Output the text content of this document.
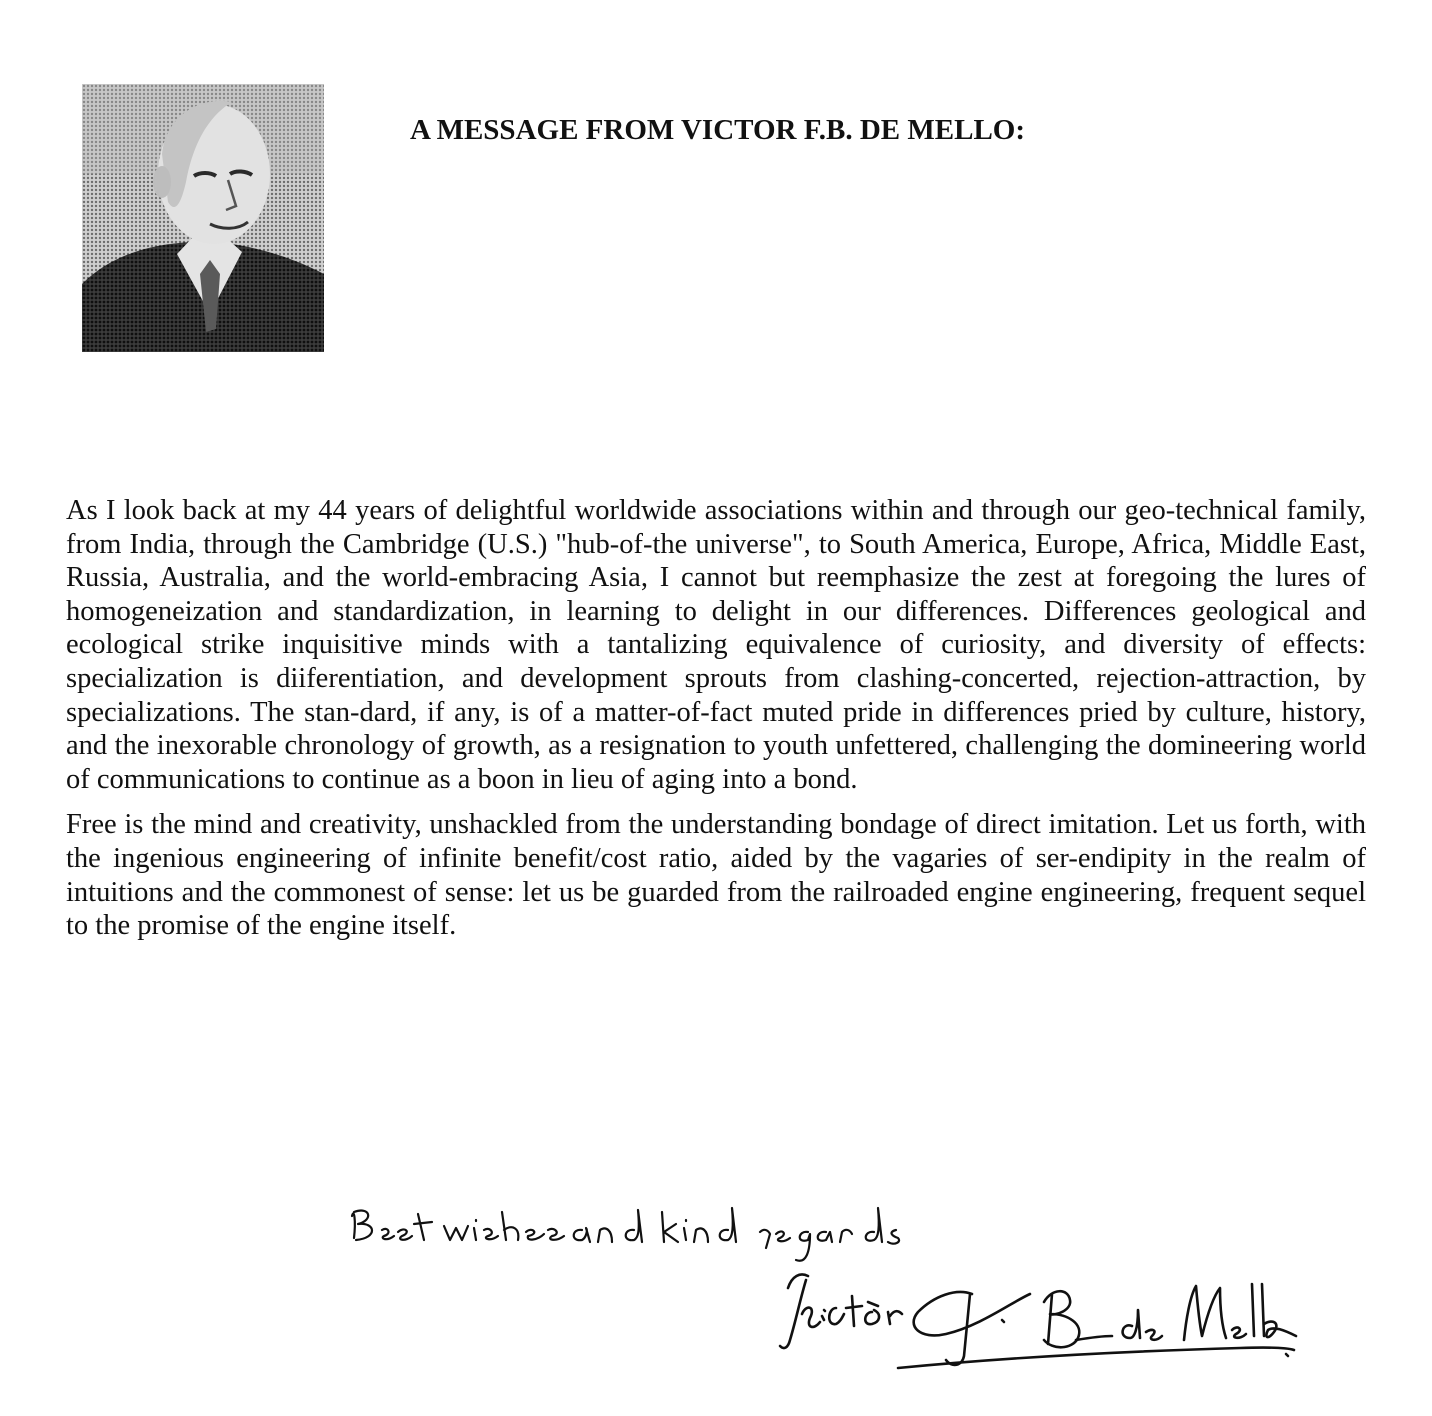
A MESSAGE FROM VICTOR F.B. DE MELLO:

As I look back at my 44 years of delightful worldwide associations within and through our geo-technical family, from India, through the Cambridge (U.S.) "hub-of-the universe", to South America, Europe, Africa, Middle East, Russia, Australia, and the world-embracing Asia, I cannot but reemphasize the zest at foregoing the lures of homogeneization and standardization, in learning to delight in our differences. Differences geological and ecological strike inquisitive minds with a tantalizing equivalence of curiosity, and diversity of effects: specialization is diiferentiation, and development sprouts from clashing-concerted, rejection-attraction, by specializations. The stan-dard, if any, is of a matter-of-fact muted pride in differences pried by culture, history, and the inexorable chronology of growth, as a resignation to youth unfettered, challenging the domineering world of communications to continue as a boon in lieu of aging into a bond.

Free is the mind and creativity, unshackled from the understanding bondage of direct imitation. Let us forth, with the ingenious engineering of infinite benefit/cost ratio, aided by the vagaries of ser-endipity in the realm of intuitions and the commonest of sense: let us be guarded from the railroaded engine engineering, frequent sequel to the promise of the engine itself.
